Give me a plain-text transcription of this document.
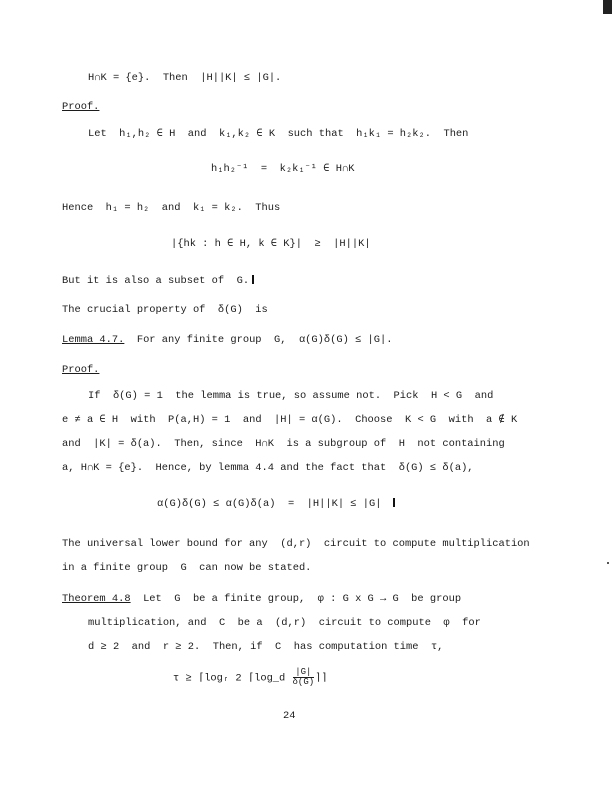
H∩K = {e}.  Then  |H||K| ≤ |G|.
Proof.
Let  h₁,h₂ ∈ H  and  k₁,k₂ ∈ K  such that  h₁k₁ = h₂k₂.  Then
h₁h₂⁻¹  =  k₂k₁⁻¹ ∈ H∩K
Hence  h₁ = h₂  and  k₁ = k₂.  Thus
|{hk : h ∈ H, k ∈ K}|  ≥  |H||K|
But it is also a subset of  G.
The crucial property of  δ(G)  is
Lemma 4.7.  For any finite group  G,  α(G)δ(G) ≤ |G|.
Proof.
If  δ(G) = 1  the lemma is true, so assume not.  Pick  H < G  and
e ≠ a ∈ H  with  P(a,H) = 1  and  |H| = α(G).  Choose  K < G  with  a ∉ K
and  |K| = δ(a).  Then, since  H∩K  is a subgroup of  H  not containing
a, H∩K = {e}.  Hence, by lemma 4.4 and the fact that  δ(G) ≤ δ(a),
α(G)δ(G) ≤ α(G)δ(a)  =  |H||K| ≤ |G|
The universal lower bound for any  (d,r)  circuit to compute multiplication
in a finite group  G  can now be stated.
Theorem 4.8  Let  G  be a finite group,  φ : G x G → G  be group
multiplication, and  C  be a  (d,r)  circuit to compute  φ  for
d ≥ 2  and  r ≥ 2.  Then, if  C  has computation time  τ,
τ ≥ ⌈logᵣ 2 ⌈log_d $\frac{|G|}{\delta(G)}$ ⌉⌉
24
